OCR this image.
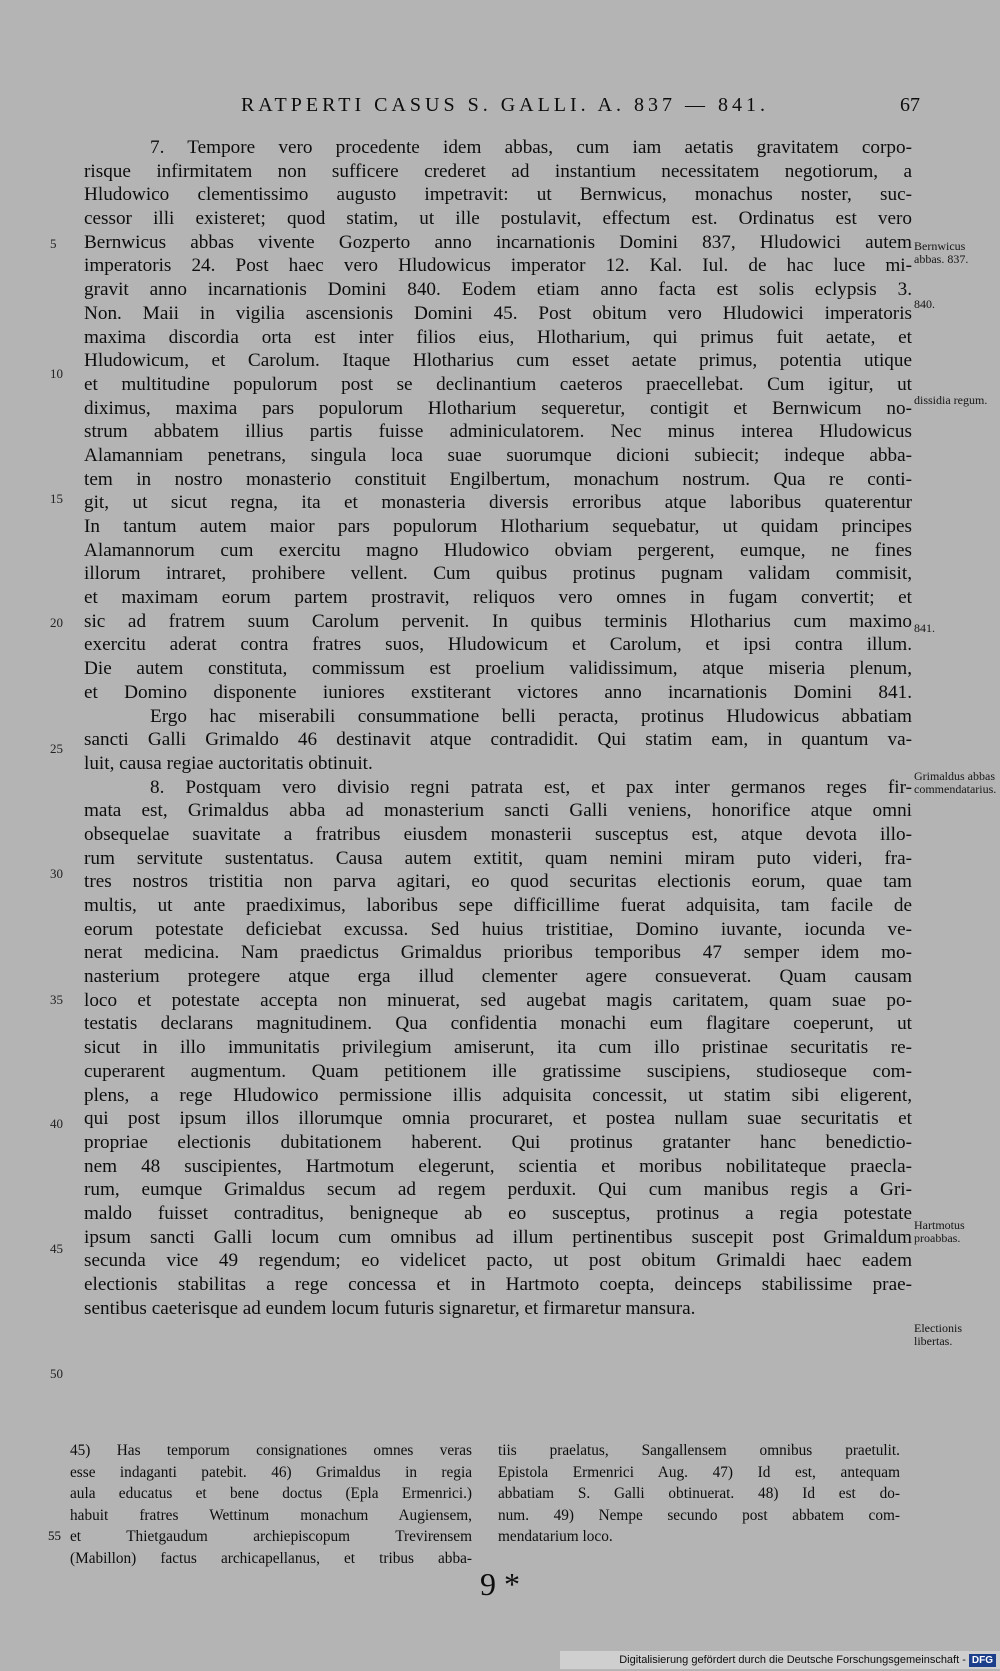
RATPERTI CASUS S. GALLI. A. 837 — 841.	67
7. Tempore vero procedente idem abbas, cum iam aetatis gravitatem corpo-
risque infirmitatem non sufficere crederet ad instantium necessitatem negotiorum, a
Hludowico clementissimo augusto impetravit: ut Bernwicus, monachus noster, suc-
cessor illi existeret; quod statim, ut ille postulavit, effectum est. Ordinatus est vero
Bernwicus abbas vivente Gozperto anno incarnationis Domini 837, Hludowici autem
imperatoris 24. Post haec vero Hludowicus imperator 12. Kal. Iul. de hac luce mi-
gravit anno incarnationis Domini 840. Eodem etiam anno facta est solis eclypsis 3.
Non. Maii in vigilia ascensionis Domini 45. Post obitum vero Hludowici imperatoris
maxima discordia orta est inter filios eius, Hlotharium, qui primus fuit aetate, et
Hludowicum, et Carolum. Itaque Hlotharius cum esset aetate primus, potentia utique
et multitudine populorum post se declinantium caeteros praecellebat. Cum igitur, ut
diximus, maxima pars populorum Hlotharium sequeretur, contigit et Bernwicum no-
strum abbatem illius partis fuisse adminiculatorem. Nec minus interea Hludowicus
Alamanniam penetrans, singula loca suae suorumque dicioni subiecit; indeque abba-
tem in nostro monasterio constituit Engilbertum, monachum nostrum. Qua re conti-
git, ut sicut regna, ita et monasteria diversis erroribus atque laboribus quaterentur
In tantum autem maior pars populorum Hlotharium sequebatur, ut quidam principes
Alamannorum cum exercitu magno Hludowico obviam pergerent, eumque, ne fines
illorum intraret, prohibere vellent. Cum quibus protinus pugnam validam commisit,
et maximam eorum partem prostravit, reliquos vero omnes in fugam convertit; et
sic ad fratrem suum Carolum pervenit. In quibus terminis Hlotharius cum maximo
exercitu aderat contra fratres suos, Hludowicum et Carolum, et ipsi contra illum.
Die autem constituta, commissum est proelium validissimum, atque miseria plenum,
et Domino disponente iuniores exstiterant victores anno incarnationis Domini 841.
Ergo hac miserabili consummatione belli peracta, protinus Hludowicus abbatiam
sancti Galli Grimaldo 46 destinavit atque contradidit. Qui statim eam, in quantum va-
luit, causa regiae auctoritatis obtinuit.
8. Postquam vero divisio regni patrata est, et pax inter germanos reges fir-
mata est, Grimaldus abba ad monasterium sancti Galli veniens, honorifice atque omni
obsequelae suavitate a fratribus eiusdem monasterii susceptus est, atque devota illo-
rum servitute sustentatus. Causa autem extitit, quam nemini miram puto videri, fra-
tres nostros tristitia non parva agitari, eo quod securitas electionis eorum, quae tam
multis, ut ante praediximus, laboribus sepe difficillime fuerat adquisita, tam facile de
eorum potestate deficiebat excussa. Sed huius tristitiae, Domino iuvante, iocunda ve-
nerat medicina. Nam praedictus Grimaldus prioribus temporibus 47 semper idem mo-
nasterium protegere atque erga illud clementer agere consueverat. Quam causam
loco et potestate accepta non minuerat, sed augebat magis caritatem, quam suae po-
testatis declarans magnitudinem. Qua confidentia monachi eum flagitare coeperunt, ut
sicut in illo immunitatis privilegium amiserunt, ita cum illo pristinae securitatis re-
cuperarent augmentum. Quam petitionem ille gratissime suscipiens, studioseque com-
plens, a rege Hludowico permissione illis adquisita concessit, ut statim sibi eligerent,
qui post ipsum illos illorumque omnia procuraret, et postea nullam suae securitatis et
propriae electionis dubitationem haberent. Qui protinus gratanter hanc benedictio-
nem 48 suscipientes, Hartmotum elegerunt, scientia et moribus nobilitateque praecla-
rum, eumque Grimaldus secum ad regem perduxit. Qui cum manibus regis a Gri-
maldo fuisset contraditus, benigneque ab eo susceptus, protinus a regia potestate
ipsum sancti Galli locum cum omnibus ad illum pertinentibus suscepit post Grimaldum
secunda vice 49 regendum; eo videlicet pacto, ut post obitum Grimaldi haec eadem
electionis stabilitas a rege concessa et in Hartmoto coepta, deinceps stabilissime prae-
sentibus caeterisque ad eundem locum futuris signaretur, et firmaretur mansura.
5
10
15
20
25
30
35
40
45
50
Bernwicus abbas. 837.
840.
dissidia regum.
841.
Grimaldus abbas commendatarius.
Hartmotus proabbas.
Electionis libertas.
45) Has temporum consignationes omnes veras
esse indaganti patebit. 46) Grimaldus in regia
aula educatus et bene doctus (Epla Ermenrici.)
habuit fratres Wettinum monachum Augiensem,
et Thietgaudum archiepiscopum Trevirensem
(Mabillon) factus archicapellanus, et tribus abba-
tiis praelatus, Sangallensem omnibus praetulit.
Epistola Ermenrici Aug. 47) Id est, antequam
abbatiam S. Galli obtinuerat. 48) Id est do-
num. 49) Nempe secundo post abbatem com-
mendatarium loco.
55
9 *
Digitalisierung gefördert durch die Deutsche Forschungsgemeinschaft - DFG
